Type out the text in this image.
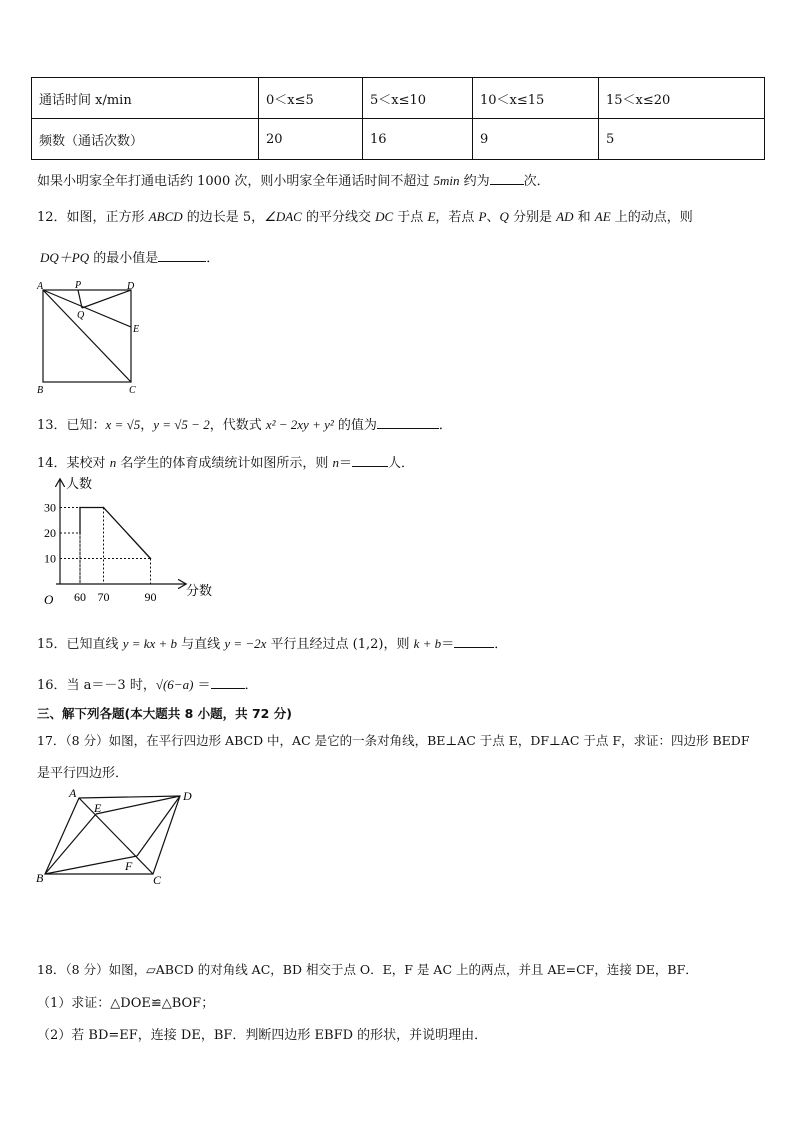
通话时间 x/min	0＜x≤5	5＜x≤10	10＜x≤15	15＜x≤20
频数（通话次数）	20	16	9	5
如果小明家全年打通电话约 1000 次，则小明家全年通话时间不超过 5min 约为	次．
12．如图，正方形 ABCD 的边长是 5，∠DAC 的平分线交 DC 于点 E，若点 P、Q 分别是 AD 和 AE 上的动点，则
DQ＋PQ 的最小值是	．
A	P	D
Q
E
B	C
13．已知：x = √5，y = √5 − 2，代数式 x² − 2xy + y² 的值为	．
14．某校对 n 名学生的体育成绩统计如图所示，则 n＝	人．
10
20
30
60 70	90
人数
分数
O
15．已知直线 y = kx + b 与直线 y = −2x 平行且经过点 (1,2)，则 k + b＝	．
16．当 a＝－3 时，√(6−a) ＝	．
三、解下列各题(本大题共 8 小题，共 72 分)
17．（8 分）如图，在平行四边形 ABCD 中，AC 是它的一条对角线，BE⊥AC 于点 E，DF⊥AC 于点 F，求证：四边形 BEDF
是平行四边形．
A	D
E
F
B	C
18．（8 分）如图，▱ABCD 的对角线 AC，BD 相交于点 O．E，F 是 AC 上的两点，并且 AE=CF，连接 DE，BF．
（1）求证：△DOE≌△BOF；
（2）若 BD=EF，连接 DE，BF．判断四边形 EBFD 的形状，并说明理由．
